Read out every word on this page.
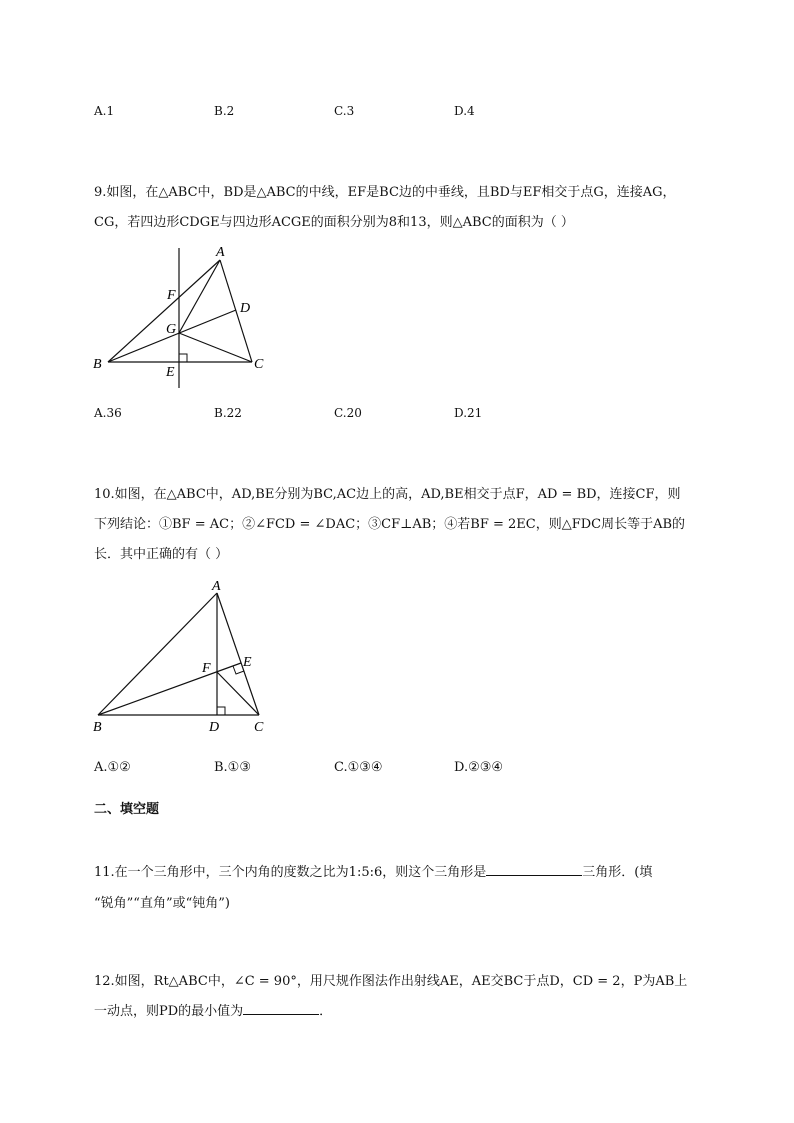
A.1	B.2	C.3	D.4
9.如图，在△ABC中，BD是△ABC的中线，EF是BC边的中垂线，且BD与EF相交于点G，连接AG，
CG，若四边形CDGE与四边形ACGE的面积分别为8和13，则△ABC的面积为（ ）
A
F
D
G
B	C
E
A.36	B.22	C.20	D.21
10.如图，在△ABC中，AD,BE分别为BC,AC边上的高，AD,BE相交于点F，AD = BD，连接CF，则
下列结论：①BF = AC；②∠FCD = ∠DAC；③CF⊥AB；④若BF = 2EC，则△FDC周长等于AB的
长．其中正确的有（ ）
A
F E
B	D C
A.①②	B.①③	C.①③④	D.②③④
二、填空题
11.在一个三角形中，三个内角的度数之比为1:5:6，则这个三角形是	三角形．(填
“锐角”“直角”或“钝角”)
12.如图，Rt△ABC中，∠C = 90°，用尺规作图法作出射线AE，AE交BC于点D，CD = 2，P为AB上
一动点，则PD的最小值为	．
